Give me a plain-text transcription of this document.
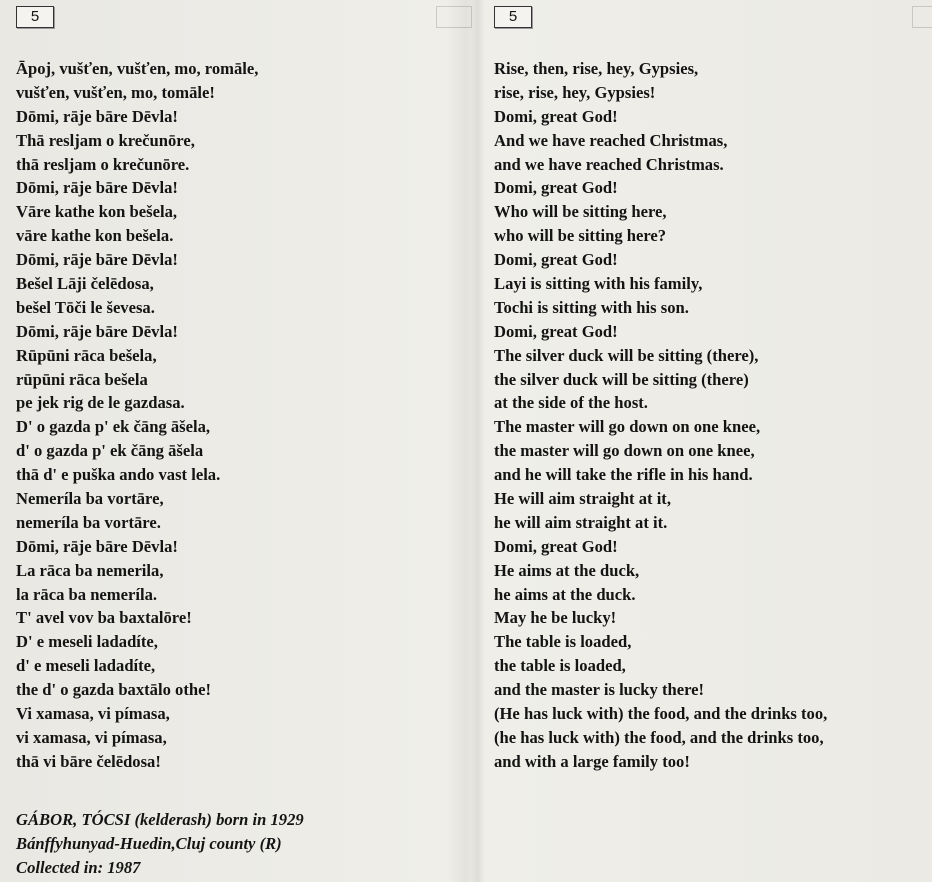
5	5
Āpoj, vušťen, vušťen, mo, romāle,
vušťen, vušťen, mo, tomāle!
Dōmi, rāje bāre Dēvla!
Thā resljam o krečunōre,
thā resljam o krečunōre.
Dōmi, rāje bāre Dēvla!
Vāre kathe kon bešela,
vāre kathe kon bešela.
Dōmi, rāje bāre Dēvla!
Bešel Lāji čelēdosa,
bešel Tōči le ševesa.
Dōmi, rāje bāre Dēvla!
Rūpūni rāca bešela,
rūpūni rāca bešela
pe jek rig de le gazdasa.
D' o gazda p' ek čāng āšela,
d' o gazda p' ek čāng āšela
thā d' e puška ando vast lela.
Nemeríla ba vortāre,
nemeríla ba vortāre.
Dōmi, rāje bāre Dēvla!
La rāca ba nemerila,
la rāca ba nemeríla.
T' avel vov ba baxtalōre!
D' e meseli ladadíte,
d' e meseli ladadíte,
the d' o gazda baxtālo othe!
Vi xamasa, vi pímasa,
vi xamasa, vi pímasa,
thā vi bāre čelēdosa!
Rise, then, rise, hey, Gypsies,
rise, rise, hey, Gypsies!
Domi, great God!
And we have reached Christmas,
and we have reached Christmas.
Domi, great God!
Who will be sitting here,
who will be sitting here?
Domi, great God!
Layi is sitting with his family,
Tochi is sitting with his son.
Domi, great God!
The silver duck will be sitting (there),
the silver duck will be sitting (there)
at the side of the host.
The master will go down on one knee,
the master will go down on one knee,
and he will take the rifle in his hand.
He will aim straight at it,
he will aim straight at it.
Domi, great God!
He aims at the duck,
he aims at the duck.
May he be lucky!
The table is loaded,
the table is loaded,
and the master is lucky there!
(He has luck with) the food, and the drinks too,
(he has luck with) the food, and the drinks too,
and with a large family too!
GÁBOR, TÓCSI (kelderash) born in 1929
Bánffyhunyad-Huedin,Cluj county (R)
Collected in: 1987
